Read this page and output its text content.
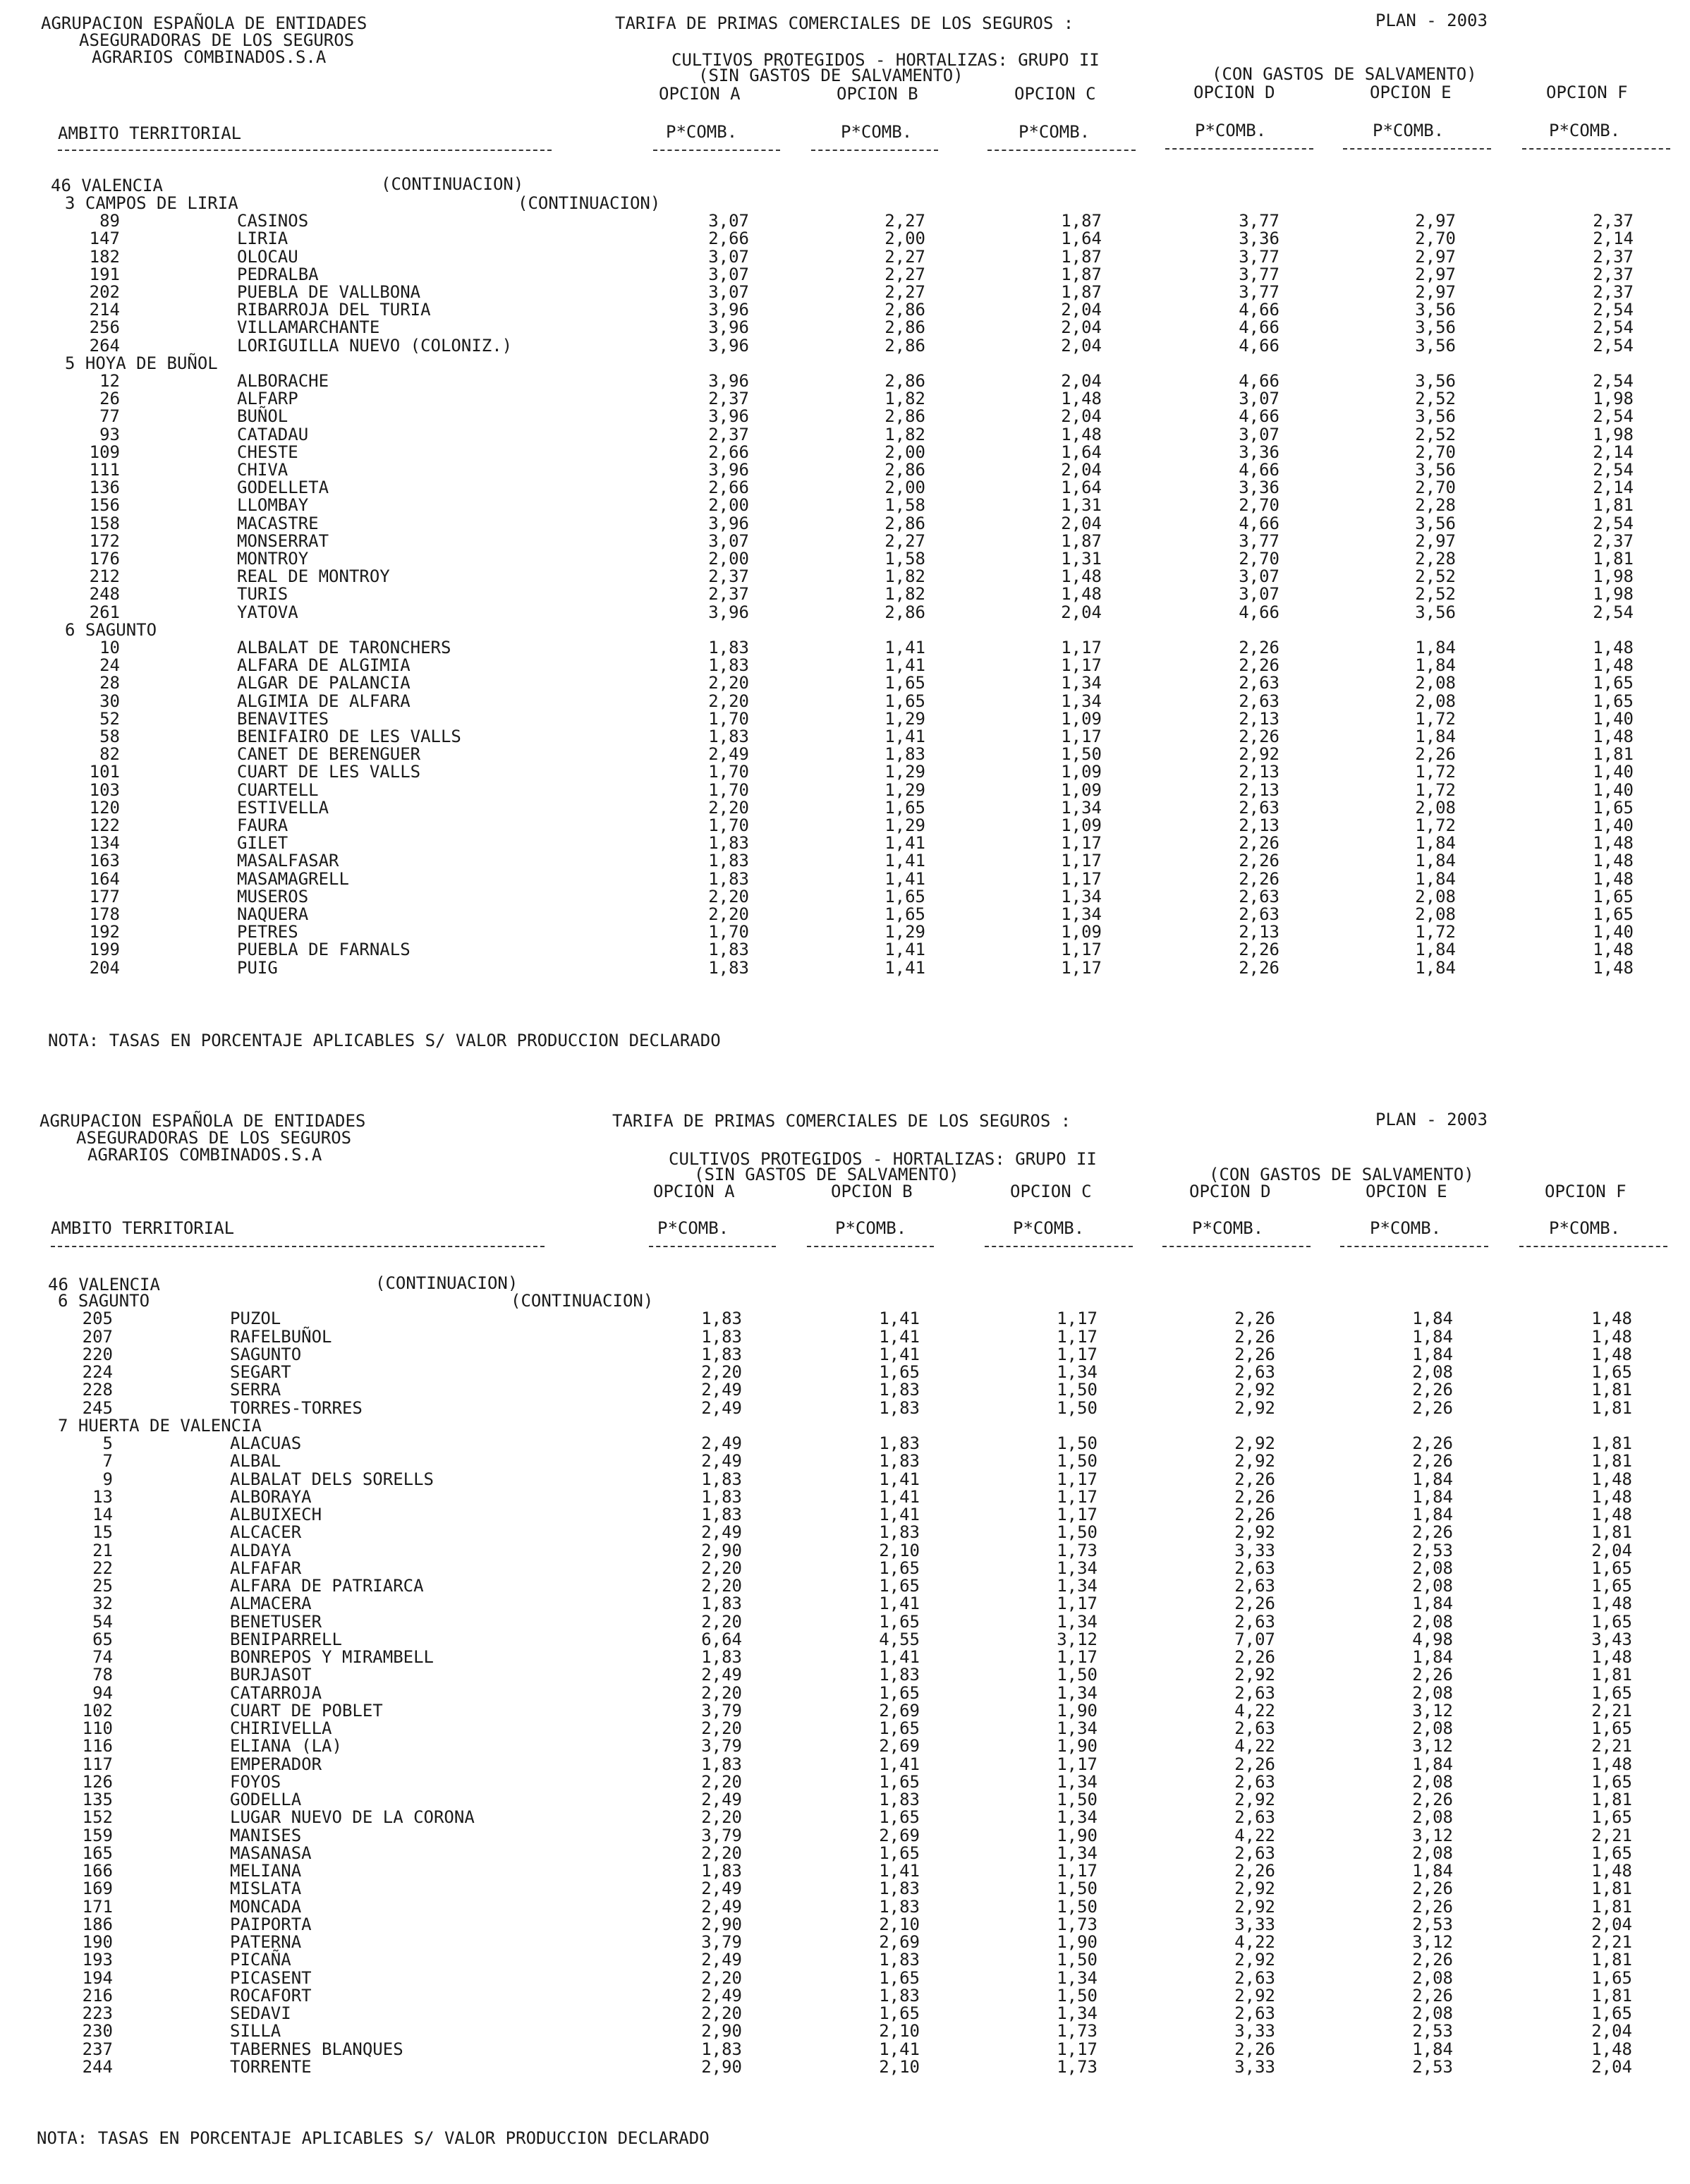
AGRUPACION ESPAÑOLA DE ENTIDADES
ASEGURADORAS DE LOS SEGUROS
AGRARIOS COMBINADOS.S.A
TARIFA DE PRIMAS COMERCIALES DE LOS SEGUROS :	PLAN - 2003
CULTIVOS PROTEGIDOS - HORTALIZAS: GRUPO II
(SIN GASTOS DE SALVAMENTO)	(CON GASTOS DE SALVAMENTO)
OPCION A	OPCION B	OPCION C	OPCION D	OPCION E	OPCION F
AMBITO TERRITORIAL	P*COMB.	P*COMB.	P*COMB.	P*COMB.	P*COMB.	P*COMB.
46 VALENCIA	(CONTINUACION)
3 CAMPOS DE LIRIA	(CONTINUACION)
89	CASINOS	3,07	2,27	1,87	3,77	2,97	2,37
147	LIRIA	2,66	2,00	1,64	3,36	2,70	2,14
182	OLOCAU	3,07	2,27	1,87	3,77	2,97	2,37
191	PEDRALBA	3,07	2,27	1,87	3,77	2,97	2,37
202	PUEBLA DE VALLBONA	3,07	2,27	1,87	3,77	2,97	2,37
214	RIBARROJA DEL TURIA	3,96	2,86	2,04	4,66	3,56	2,54
256	VILLAMARCHANTE	3,96	2,86	2,04	4,66	3,56	2,54
264	LORIGUILLA NUEVO (COLONIZ.)	3,96	2,86	2,04	4,66	3,56	2,54
5 HOYA DE BUÑOL
12	ALBORACHE	3,96	2,86	2,04	4,66	3,56	2,54
26	ALFARP	2,37	1,82	1,48	3,07	2,52	1,98
77	BUÑOL	3,96	2,86	2,04	4,66	3,56	2,54
93	CATADAU	2,37	1,82	1,48	3,07	2,52	1,98
109	CHESTE	2,66	2,00	1,64	3,36	2,70	2,14
111	CHIVA	3,96	2,86	2,04	4,66	3,56	2,54
136	GODELLETA	2,66	2,00	1,64	3,36	2,70	2,14
156	LLOMBAY	2,00	1,58	1,31	2,70	2,28	1,81
158	MACASTRE	3,96	2,86	2,04	4,66	3,56	2,54
172	MONSERRAT	3,07	2,27	1,87	3,77	2,97	2,37
176	MONTROY	2,00	1,58	1,31	2,70	2,28	1,81
212	REAL DE MONTROY	2,37	1,82	1,48	3,07	2,52	1,98
248	TURIS	2,37	1,82	1,48	3,07	2,52	1,98
261	YATOVA	3,96	2,86	2,04	4,66	3,56	2,54
6 SAGUNTO
10	ALBALAT DE TARONCHERS	1,83	1,41	1,17	2,26	1,84	1,48
24	ALFARA DE ALGIMIA	1,83	1,41	1,17	2,26	1,84	1,48
28	ALGAR DE PALANCIA	2,20	1,65	1,34	2,63	2,08	1,65
30	ALGIMIA DE ALFARA	2,20	1,65	1,34	2,63	2,08	1,65
52	BENAVITES	1,70	1,29	1,09	2,13	1,72	1,40
58	BENIFAIRO DE LES VALLS	1,83	1,41	1,17	2,26	1,84	1,48
82	CANET DE BERENGUER	2,49	1,83	1,50	2,92	2,26	1,81
101	CUART DE LES VALLS	1,70	1,29	1,09	2,13	1,72	1,40
103	CUARTELL	1,70	1,29	1,09	2,13	1,72	1,40
120	ESTIVELLA	2,20	1,65	1,34	2,63	2,08	1,65
122	FAURA	1,70	1,29	1,09	2,13	1,72	1,40
134	GILET	1,83	1,41	1,17	2,26	1,84	1,48
163	MASALFASAR	1,83	1,41	1,17	2,26	1,84	1,48
164	MASAMAGRELL	1,83	1,41	1,17	2,26	1,84	1,48
177	MUSEROS	2,20	1,65	1,34	2,63	2,08	1,65
178	NAQUERA	2,20	1,65	1,34	2,63	2,08	1,65
192	PETRES	1,70	1,29	1,09	2,13	1,72	1,40
199	PUEBLA DE FARNALS	1,83	1,41	1,17	2,26	1,84	1,48
204	PUIG	1,83	1,41	1,17	2,26	1,84	1,48
NOTA: TASAS EN PORCENTAJE APLICABLES S/ VALOR PRODUCCION DECLARADO
AGRUPACION ESPAÑOLA DE ENTIDADES
ASEGURADORAS DE LOS SEGUROS
AGRARIOS COMBINADOS.S.A
TARIFA DE PRIMAS COMERCIALES DE LOS SEGUROS :	PLAN - 2003
CULTIVOS PROTEGIDOS - HORTALIZAS: GRUPO II
(SIN GASTOS DE SALVAMENTO)	(CON GASTOS DE SALVAMENTO)
OPCION A	OPCION B	OPCION C	OPCION D	OPCION E	OPCION F
AMBITO TERRITORIAL	P*COMB.	P*COMB.	P*COMB.	P*COMB.	P*COMB.	P*COMB.
46 VALENCIA	(CONTINUACION)
6 SAGUNTO	(CONTINUACION)
205	PUZOL	1,83	1,41	1,17	2,26	1,84	1,48
207	RAFELBUÑOL	1,83	1,41	1,17	2,26	1,84	1,48
220	SAGUNTO	1,83	1,41	1,17	2,26	1,84	1,48
224	SEGART	2,20	1,65	1,34	2,63	2,08	1,65
228	SERRA	2,49	1,83	1,50	2,92	2,26	1,81
245	TORRES-TORRES	2,49	1,83	1,50	2,92	2,26	1,81
7 HUERTA DE VALENCIA
5	ALACUAS	2,49	1,83	1,50	2,92	2,26	1,81
7	ALBAL	2,49	1,83	1,50	2,92	2,26	1,81
9	ALBALAT DELS SORELLS	1,83	1,41	1,17	2,26	1,84	1,48
13	ALBORAYA	1,83	1,41	1,17	2,26	1,84	1,48
14	ALBUIXECH	1,83	1,41	1,17	2,26	1,84	1,48
15	ALCACER	2,49	1,83	1,50	2,92	2,26	1,81
21	ALDAYA	2,90	2,10	1,73	3,33	2,53	2,04
22	ALFAFAR	2,20	1,65	1,34	2,63	2,08	1,65
25	ALFARA DE PATRIARCA	2,20	1,65	1,34	2,63	2,08	1,65
32	ALMACERA	1,83	1,41	1,17	2,26	1,84	1,48
54	BENETUSER	2,20	1,65	1,34	2,63	2,08	1,65
65	BENIPARRELL	6,64	4,55	3,12	7,07	4,98	3,43
74	BONREPOS Y MIRAMBELL	1,83	1,41	1,17	2,26	1,84	1,48
78	BURJASOT	2,49	1,83	1,50	2,92	2,26	1,81
94	CATARROJA	2,20	1,65	1,34	2,63	2,08	1,65
102	CUART DE POBLET	3,79	2,69	1,90	4,22	3,12	2,21
110	CHIRIVELLA	2,20	1,65	1,34	2,63	2,08	1,65
116	ELIANA (LA)	3,79	2,69	1,90	4,22	3,12	2,21
117	EMPERADOR	1,83	1,41	1,17	2,26	1,84	1,48
126	FOYOS	2,20	1,65	1,34	2,63	2,08	1,65
135	GODELLA	2,49	1,83	1,50	2,92	2,26	1,81
152	LUGAR NUEVO DE LA CORONA	2,20	1,65	1,34	2,63	2,08	1,65
159	MANISES	3,79	2,69	1,90	4,22	3,12	2,21
165	MASANASA	2,20	1,65	1,34	2,63	2,08	1,65
166	MELIANA	1,83	1,41	1,17	2,26	1,84	1,48
169	MISLATA	2,49	1,83	1,50	2,92	2,26	1,81
171	MONCADA	2,49	1,83	1,50	2,92	2,26	1,81
186	PAIPORTA	2,90	2,10	1,73	3,33	2,53	2,04
190	PATERNA	3,79	2,69	1,90	4,22	3,12	2,21
193	PICAÑA	2,49	1,83	1,50	2,92	2,26	1,81
194	PICASENT	2,20	1,65	1,34	2,63	2,08	1,65
216	ROCAFORT	2,49	1,83	1,50	2,92	2,26	1,81
223	SEDAVI	2,20	1,65	1,34	2,63	2,08	1,65
230	SILLA	2,90	2,10	1,73	3,33	2,53	2,04
237	TABERNES BLANQUES	1,83	1,41	1,17	2,26	1,84	1,48
244	TORRENTE	2,90	2,10	1,73	3,33	2,53	2,04
NOTA: TASAS EN PORCENTAJE APLICABLES S/ VALOR PRODUCCION DECLARADO
